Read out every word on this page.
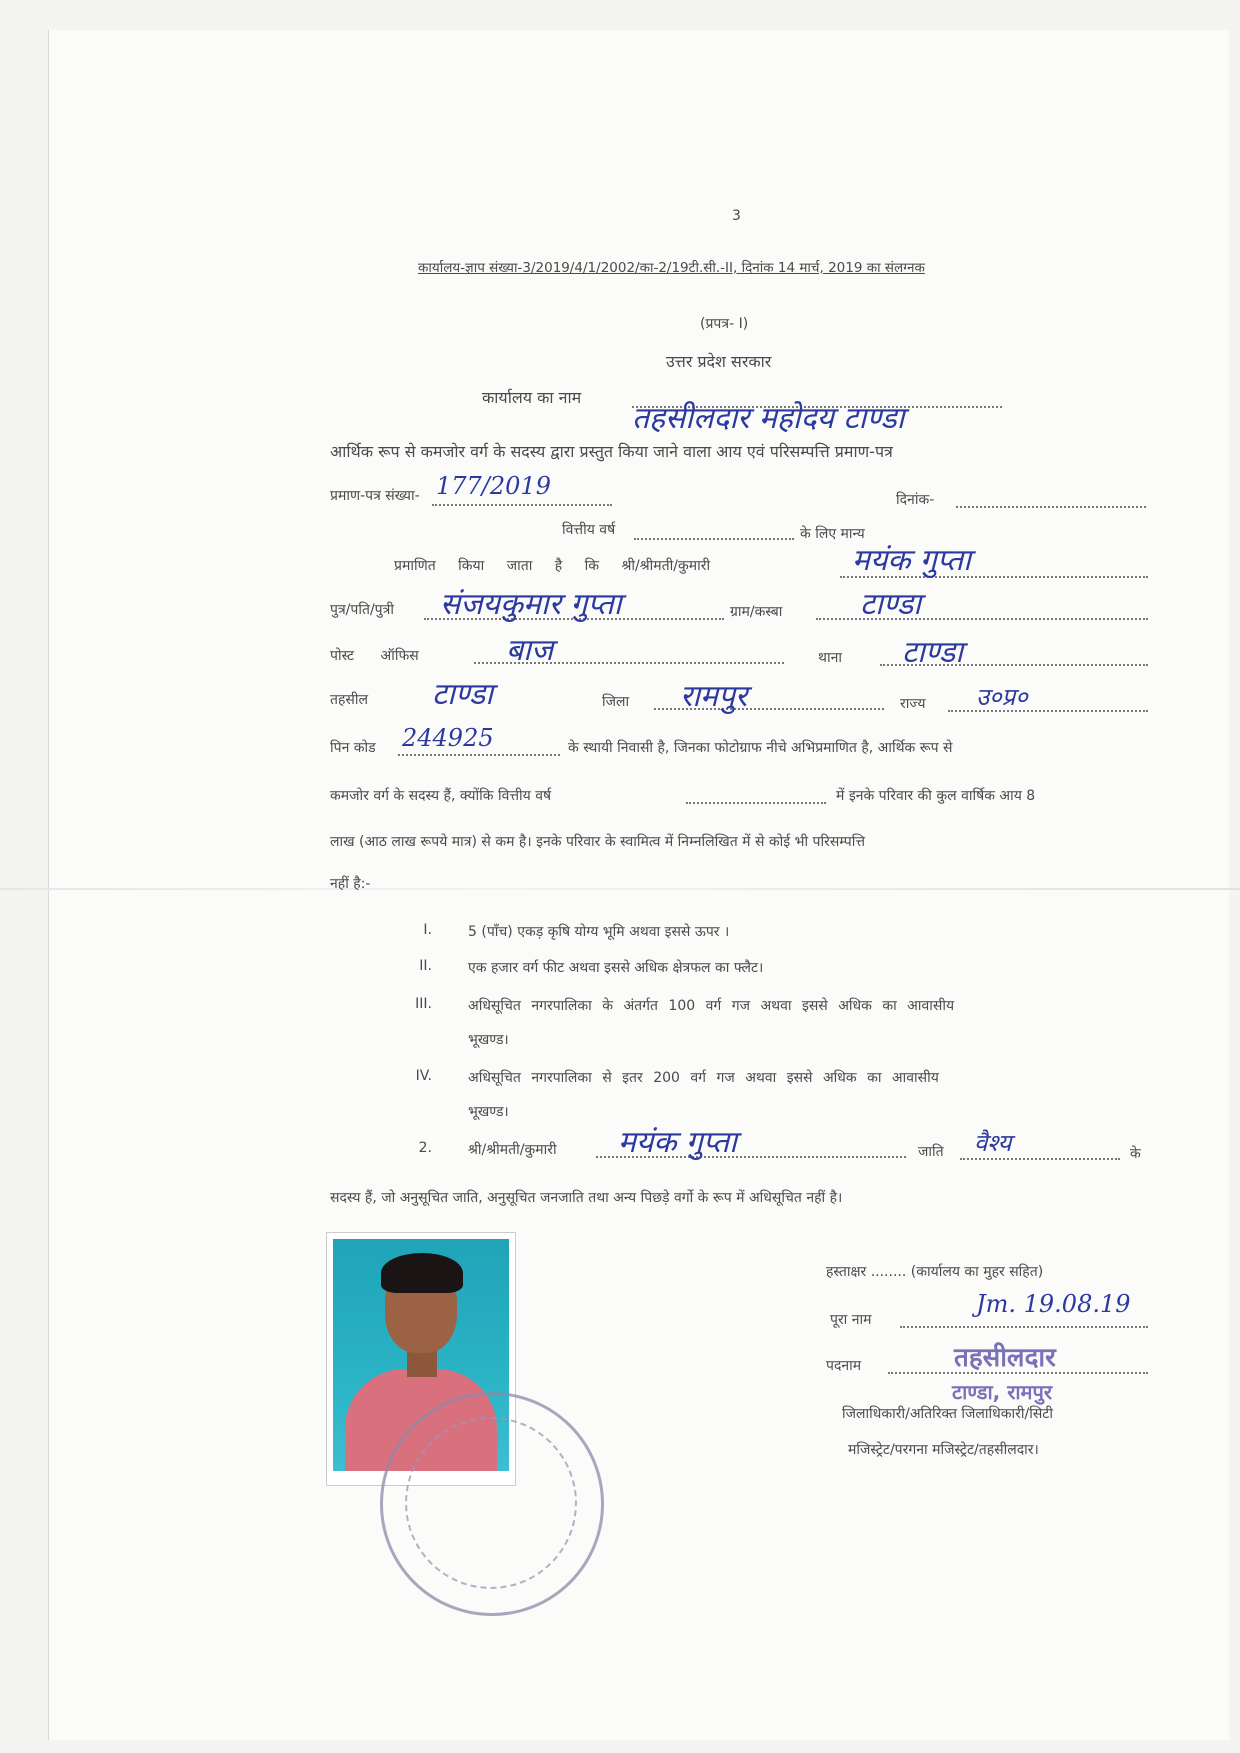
3
कार्यालय-ज्ञाप संख्या-3/2019/4/1/2002/का-2/19टी.सी.-II, दिनांक 14 मार्च, 2019 का संलग्नक
(प्रपत्र- I)
उत्तर प्रदेश सरकार
कार्यालय का नाम
तहसीलदार महोदय टाण्डा
आर्थिक रूप से कमजोर वर्ग के सदस्य द्वारा प्रस्तुत किया जाने वाला आय एवं परिसम्पत्ति प्रमाण-पत्र
प्रमाण-पत्र संख्या- 177/2019	दिनांक-
वित्तीय वर्ष	के लिए मान्य
प्रमाणित किया जाता है कि श्री/श्रीमती/कुमारी	मयंक गुप्ता
पुत्र/पति/पुत्री संजयकुमार गुप्ता	ग्राम/कस्बा	टाण्डा
पोस्ट ऑफिस	बाज	थाना टाण्डा
तहसील टाण्डा	जिला रामपुर	राज्य उ०प्र०
पिन कोड 244925	के स्थायी निवासी है, जिनका फोटोग्राफ नीचे अभिप्रमाणित है, आर्थिक रूप से
कमजोर वर्ग के सदस्य हैं, क्योंकि वित्तीय वर्ष	में इनके परिवार की कुल वार्षिक आय 8
लाख (आठ लाख रूपये मात्र) से कम है। इनके परिवार के स्वामित्व में निम्नलिखित में से कोई भी परिसम्पत्ति
नहीं है:-
I.	5 (पाँच) एकड़ कृषि योग्य भूमि अथवा इससे ऊपर ।
II.	एक हजार वर्ग फीट अथवा इससे अधिक क्षेत्रफल का फ्लैट।
III.	अधिसूचित नगरपालिका के अंतर्गत 100 वर्ग गज अथवा इससे अधिक का आवासीय
भूखण्ड।
IV.	अधिसूचित नगरपालिका से इतर 200 वर्ग गज अथवा इससे अधिक का आवासीय
भूखण्ड।
2.	श्री/श्रीमती/कुमारी मयंक गुप्ता	जाति वैश्य	के
सदस्य हैं, जो अनुसूचित जाति, अनुसूचित जनजाति तथा अन्य पिछड़े वर्गो के रूप में अधिसूचित नहीं है।
हस्ताक्षर ........ (कार्यालय का मुहर सहित)
पूरा नाम
Jm. 19.08.19
पदनाम	तहसीलदार
टाण्डा, रामपुर
जिलाधिकारी/अतिरिक्त जिलाधिकारी/सिटी
मजिस्ट्रेट/परगना मजिस्ट्रेट/तहसीलदार।
